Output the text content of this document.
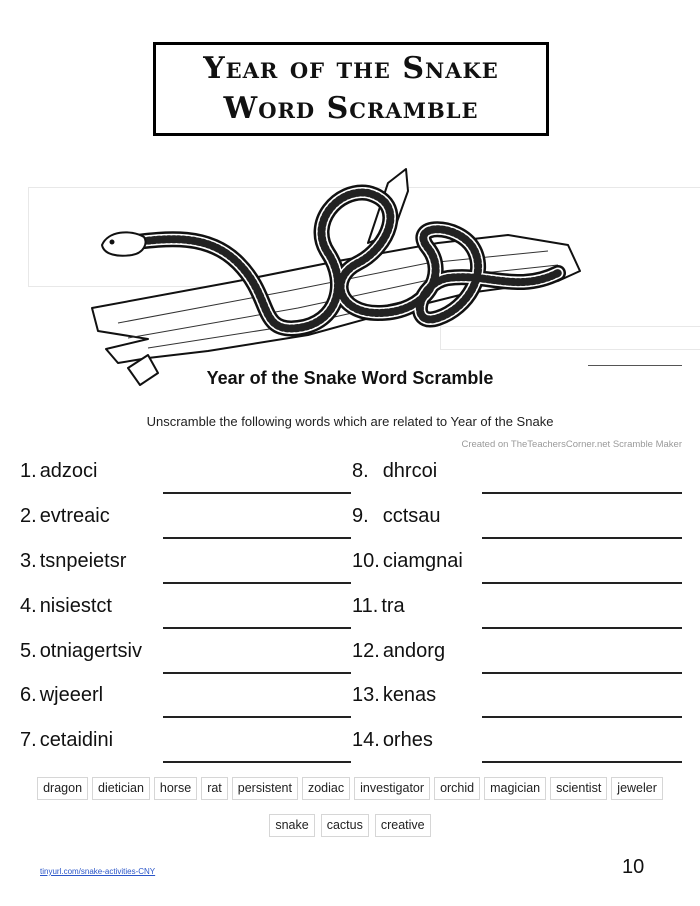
Year of the Snake
Word Scramble
Year of the Snake Word Scramble
Unscramble the following words which are related to Year of the Snake
Created on TheTeachersCorner.net Scramble Maker
1. adzoci
2. evtreaic
3. tsnpeietsr
4. nisiestct
5. otniagertsiv
6. wjeeerl
7. cetaidini
8. dhrcoi
9. cctsau
10. ciamgnai
11. tra
12. andorg
13. kenas
14. orhes
dragon	dietician	horse	rat	persistent	zodiac	investigator	orchid	magician	scientist	jeweler
snake	cactus	creative
tinyurl.com/snake-activities-CNY	10
